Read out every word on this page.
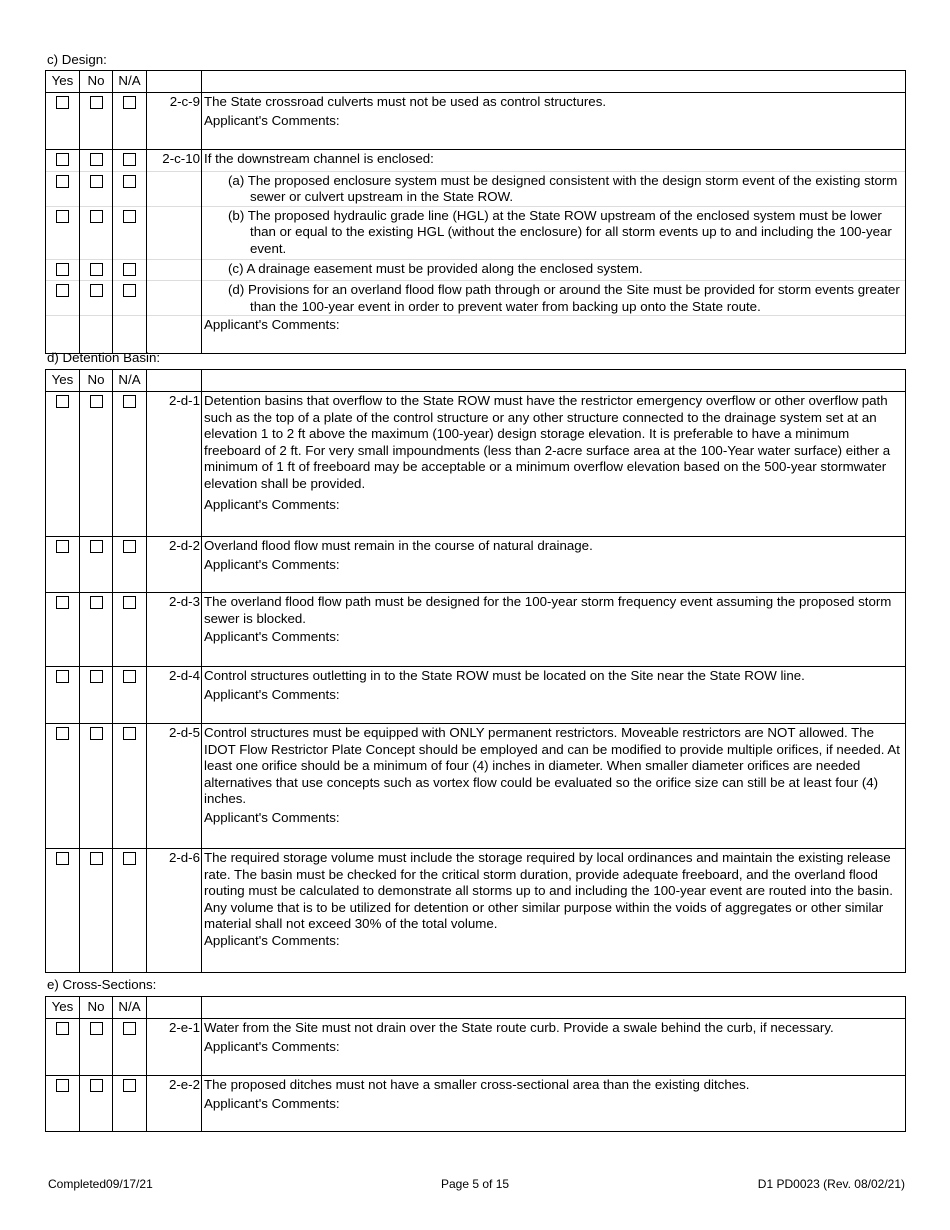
c) Design:
Yes	No	N/A		
			2-c-9	The State crossroad culverts must not be used as control structures.
Applicant's Comments:

			2-c-10	If the downstream channel is enclosed:

				(a) The proposed enclosure system must be designed consistent with the design storm event of the existing storm sewer or culvert upstream in the State ROW.

				(b) The proposed hydraulic grade line (HGL) at the State ROW upstream of the enclosed system must be lower than or equal to the existing HGL (without the enclosure) for all storm events up to and including the 100-year event.

				(c) A drainage easement must be provided along the enclosed system.

				(d) Provisions for an overland flood flow path through or around the Site must be provided for storm events greater than the 100-year event in order to prevent water from backing up onto the State route.

				Applicant's Comments:
d) Detention Basin:
Yes	No	N/A		
			2-d-1	Detention basins that overflow to the State ROW must have the restrictor emergency overflow or other overflow path such as the top of a plate of the control structure or any other structure connected to the drainage system set at an elevation 1 to 2 ft above the maximum (100-year) design storage elevation. It is preferable to have a minimum freeboard of 2 ft. For very small impoundments (less than 2-acre surface area at the 100-Year water surface) either a minimum of 1 ft of freeboard may be acceptable or a minimum overflow elevation based on the 500-year stormwater elevation shall be provided.
Applicant's Comments:

			2-d-2	Overland flood flow must remain in the course of natural drainage.
Applicant's Comments:

			2-d-3	The overland flood flow path must be designed for the 100-year storm frequency event assuming the proposed storm sewer is blocked.
Applicant's Comments:

			2-d-4	Control structures outletting in to the State ROW must be located on the Site near the State ROW line.
Applicant's Comments:

			2-d-5	Control structures must be equipped with ONLY permanent restrictors. Moveable restrictors are NOT allowed. The IDOT Flow Restrictor Plate Concept should be employed and can be modified to provide multiple orifices, if needed. At least one orifice should be a minimum of four (4) inches in diameter. When smaller diameter orifices are needed alternatives that use concepts such as vortex flow could be evaluated so the orifice size can still be at least four (4) inches.
Applicant's Comments:

			2-d-6	The required storage volume must include the storage required by local ordinances and maintain the existing release rate. The basin must be checked for the critical storm duration, provide adequate freeboard, and the overland flood routing must be calculated to demonstrate all storms up to and including the 100-year event are routed into the basin. Any volume that is to be utilized for detention or other similar purpose within the voids of aggregates or other similar material shall not exceed 30% of the total volume.
Applicant's Comments:
e) Cross-Sections:
Yes	No	N/A		
			2-e-1	Water from the Site must not drain over the State route curb. Provide a swale behind the curb, if necessary.
Applicant's Comments:

			2-e-2	The proposed ditches must not have a smaller cross-sectional area than the existing ditches.
Applicant's Comments:
Completed09/17/21	Page 5 of 15	D1 PD0023 (Rev. 08/02/21)
